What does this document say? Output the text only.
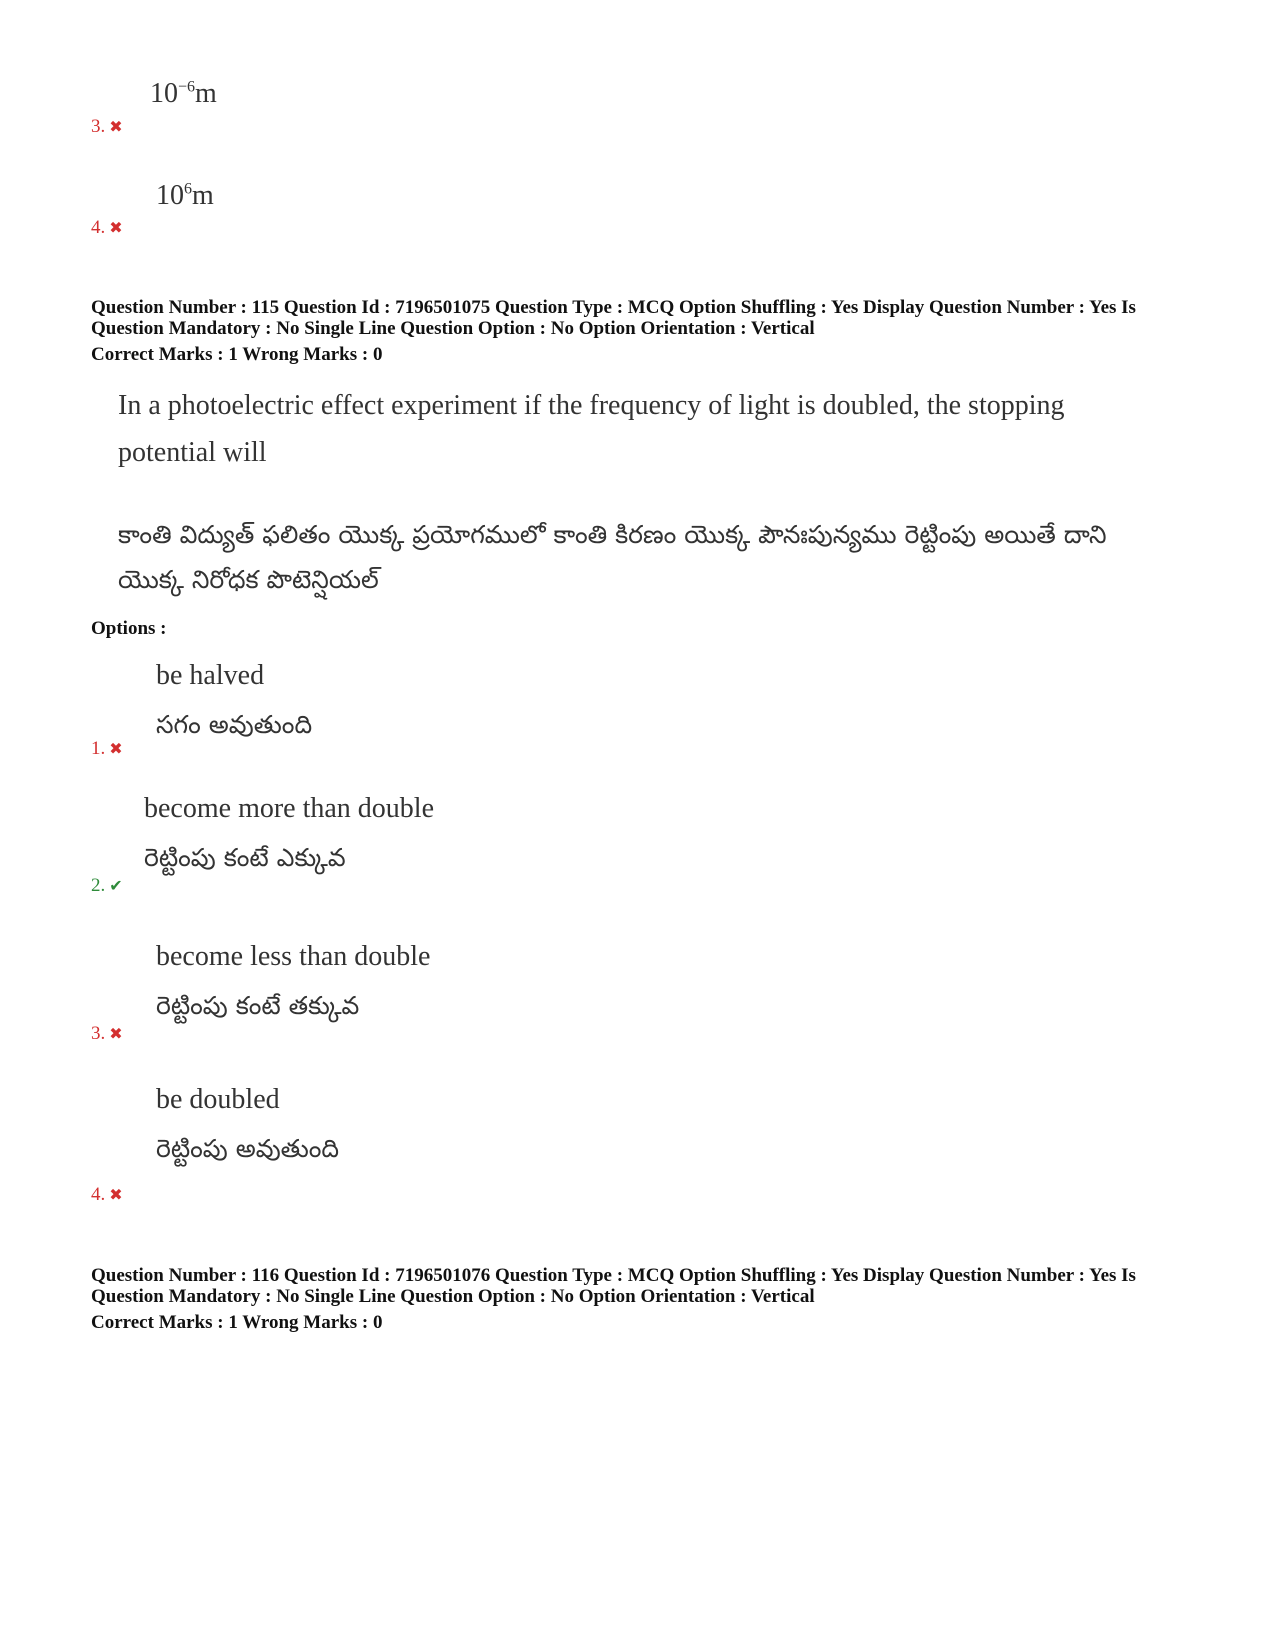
$10^{-6}m$
3. ✖
$10^6m$
4. ✖
Question Number : 115 Question Id : 7196501075 Question Type : MCQ Option Shuffling : Yes Display Question Number : Yes Is
Question Mandatory : No Single Line Question Option : No Option Orientation : Vertical
Correct Marks : 1 Wrong Marks : 0
In a photoelectric effect experiment if the frequency of light is doubled, the stopping
potential will
కాంతి విద్యుత్ ఫలితం యొక్క ప్రయోగములో కాంతి కిరణం యొక్క పౌనఃపున్యము రెట్టింపు అయితే దాని
యొక్క నిరోధక పొటెన్షియల్
Options :
be halved
సగం అవుతుంది
1. ✖
become more than double
రెట్టింపు కంటే ఎక్కువ
2. ✔
become less than double
రెట్టింపు కంటే తక్కువ
3. ✖
be doubled
రెట్టింపు అవుతుంది
4. ✖
Question Number : 116 Question Id : 7196501076 Question Type : MCQ Option Shuffling : Yes Display Question Number : Yes Is
Question Mandatory : No Single Line Question Option : No Option Orientation : Vertical
Correct Marks : 1 Wrong Marks : 0
